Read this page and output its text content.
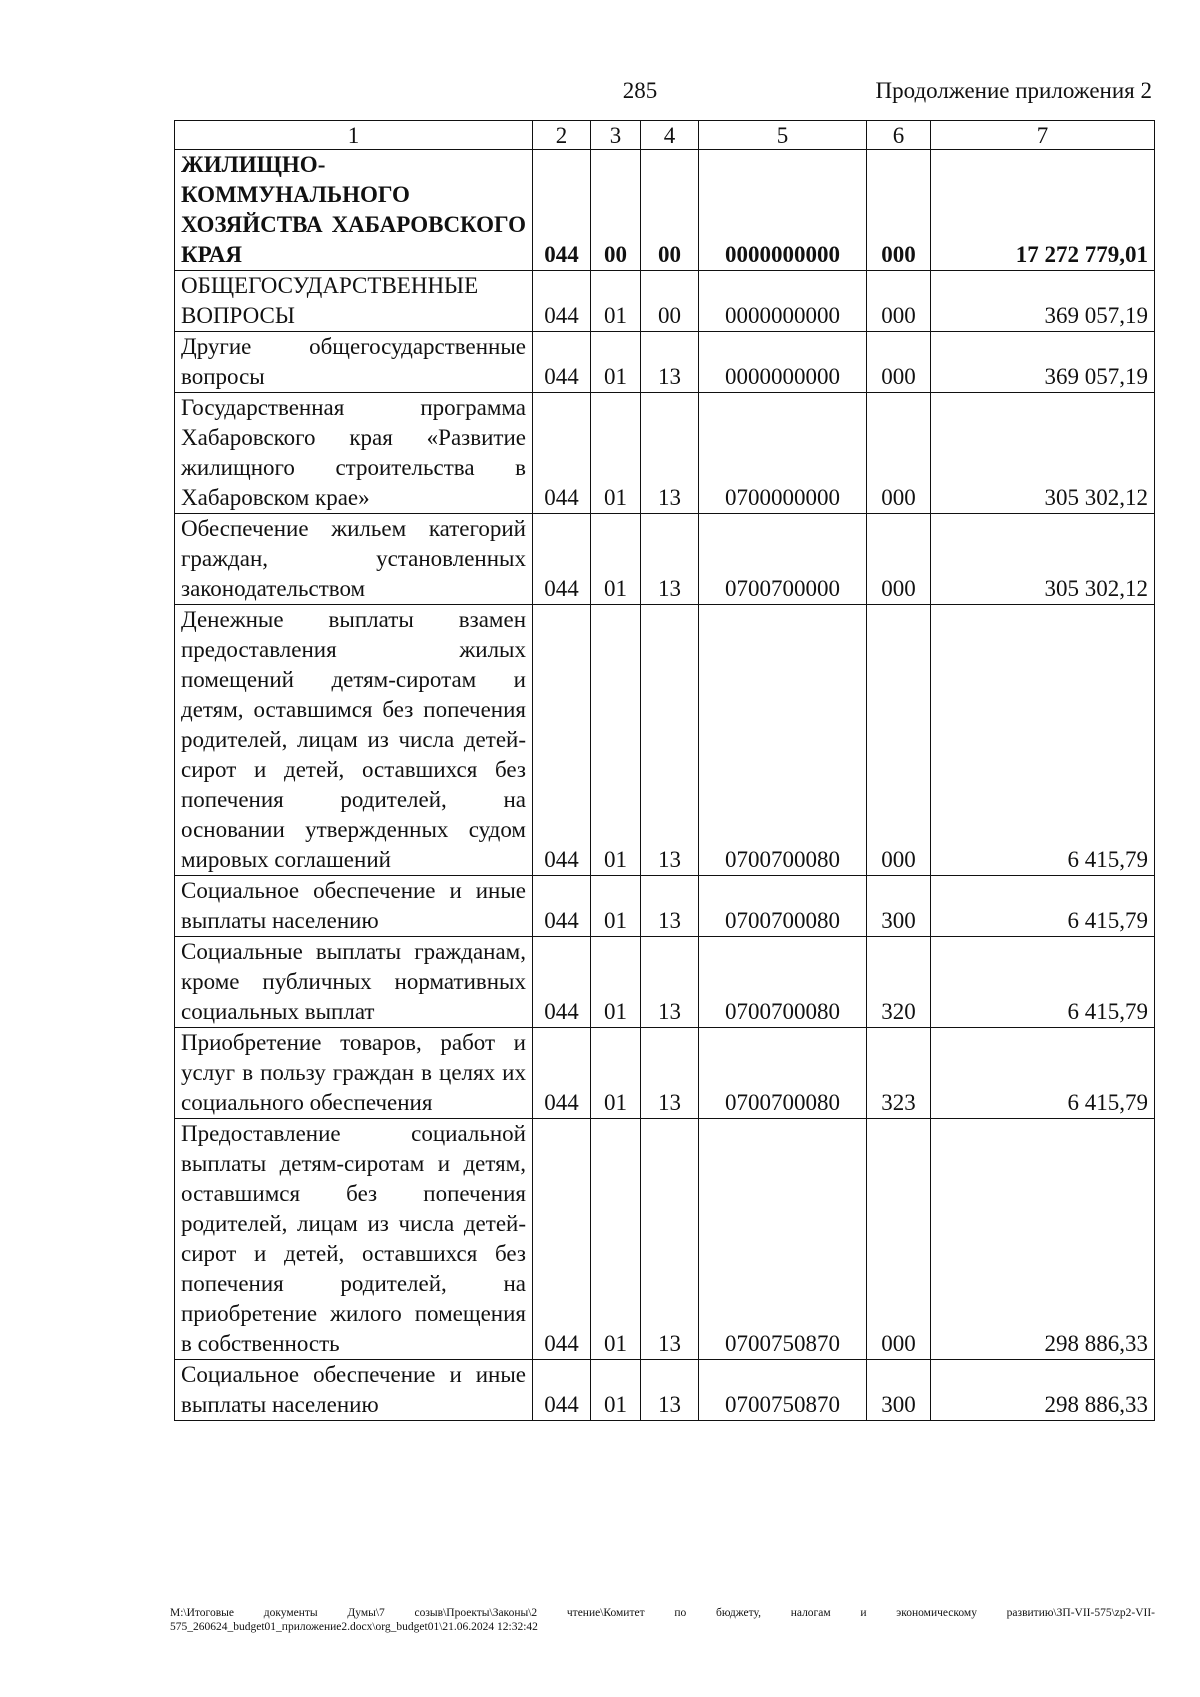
285	Продолжение приложения 2
1	2	3	4	5	6	7
ЖИЛИЩНО-КОММУНАЛЬНОГО ХОЗЯЙСТВА ХАБАРОВСКОГО КРАЯ	044	00	00	0000000000	000	17 272 779,01
ОБЩЕГОСУДАРСТВЕННЫЕ ВОПРОСЫ	044	01	00	0000000000	000	369 057,19
Другие общегосударственные вопросы	044	01	13	0000000000	000	369 057,19
Государственная программа Хабаровского края «Развитие жилищного строительства в Хабаровском крае»	044	01	13	0700000000	000	305 302,12
Обеспечение жильем категорий граждан, установленных законодательством	044	01	13	0700700000	000	305 302,12
Денежные выплаты взамен предоставления жилых помещений детям-сиротам и детям, оставшимся без попечения родителей, лицам из числа детей-сирот и детей, оставшихся без попечения родителей, на основании утвержденных судом мировых соглашений	044	01	13	0700700080	000	6 415,79
Социальное обеспечение и иные выплаты населению	044	01	13	0700700080	300	6 415,79
Социальные выплаты гражданам, кроме публичных нормативных социальных выплат	044	01	13	0700700080	320	6 415,79
Приобретение товаров, работ и услуг в пользу граждан в целях их социального обеспечения	044	01	13	0700700080	323	6 415,79
Предоставление социальной выплаты детям-сиротам и детям, оставшимся без попечения родителей, лицам из числа детей-сирот и детей, оставшихся без попечения родителей, на приобретение жилого помещения в собственность	044	01	13	0700750870	000	298 886,33
Социальное обеспечение и иные выплаты населению	044	01	13	0700750870	300	298 886,33
М:\Итоговые документы Думы\7 созыв\Проекты\Законы\2 чтение\Комитет по бюджету, налогам и экономическому развитию\ЗП-VII-575\zp2-VII-575_260624_budget01_приложение2.docx\org_budget01\21.06.2024 12:32:42
